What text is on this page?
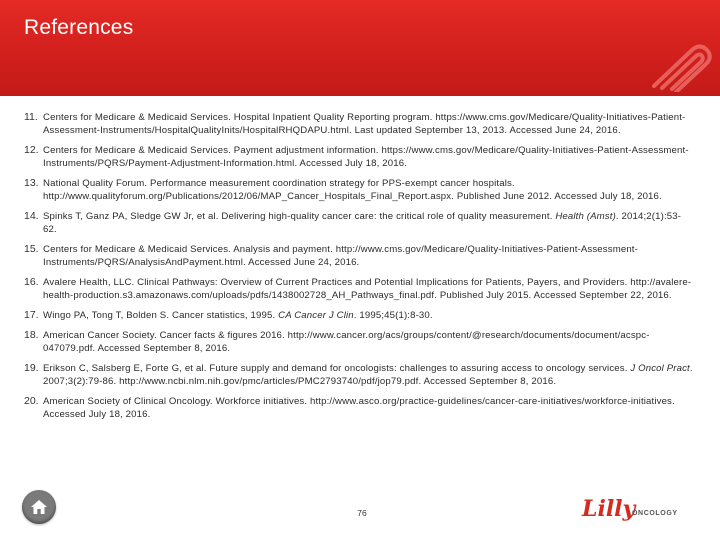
References
11. Centers for Medicare & Medicaid Services. Hospital Inpatient Quality Reporting program. https://www.cms.gov/Medicare/Quality-Initiatives-Patient-Assessment-Instruments/HospitalQualityInits/HospitalRHQDAPU.html. Last updated September 13, 2013. Accessed June 24, 2016.
12. Centers for Medicare & Medicaid Services. Payment adjustment information. https://www.cms.gov/Medicare/Quality-Initiatives-Patient-Assessment-Instruments/PQRS/Payment-Adjustment-Information.html. Accessed July 18, 2016.
13. National Quality Forum. Performance measurement coordination strategy for PPS-exempt cancer hospitals. http://www.qualityforum.org/Publications/2012/06/MAP_Cancer_Hospitals_Final_Report.aspx. Published June 2012. Accessed July 18, 2016.
14. Spinks T, Ganz PA, Sledge GW Jr, et al. Delivering high-quality cancer care: the critical role of quality measurement. Health (Amst). 2014;2(1):53-62.
15. Centers for Medicare & Medicaid Services. Analysis and payment. http://www.cms.gov/Medicare/Quality-Initiatives-Patient-Assessment-Instruments/PQRS/AnalysisAndPayment.html. Accessed June 24, 2016.
16. Avalere Health, LLC. Clinical Pathways: Overview of Current Practices and Potential Implications for Patients, Payers, and Providers. http://avalere-health-production.s3.amazonaws.com/uploads/pdfs/1438002728_AH_Pathways_final.pdf. Published July 2015. Accessed September 22, 2016.
17. Wingo PA, Tong T, Bolden S. Cancer statistics, 1995. CA Cancer J Clin. 1995;45(1):8-30.
18. American Cancer Society. Cancer facts & figures 2016. http://www.cancer.org/acs/groups/content/@research/documents/document/acspc-047079.pdf. Accessed September 8, 2016.
19. Erikson C, Salsberg E, Forte G, et al. Future supply and demand for oncologists: challenges to assuring access to oncology services. J Oncol Pract. 2007;3(2):79-86. http://www.ncbi.nlm.nih.gov/pmc/articles/PMC2793740/pdf/jop79.pdf. Accessed September 8, 2016.
20. American Society of Clinical Oncology. Workforce initiatives. http://www.asco.org/practice-guidelines/cancer-care-initiatives/workforce-initiatives. Accessed July 18, 2016.
76	Lilly
ONCOLOGY
